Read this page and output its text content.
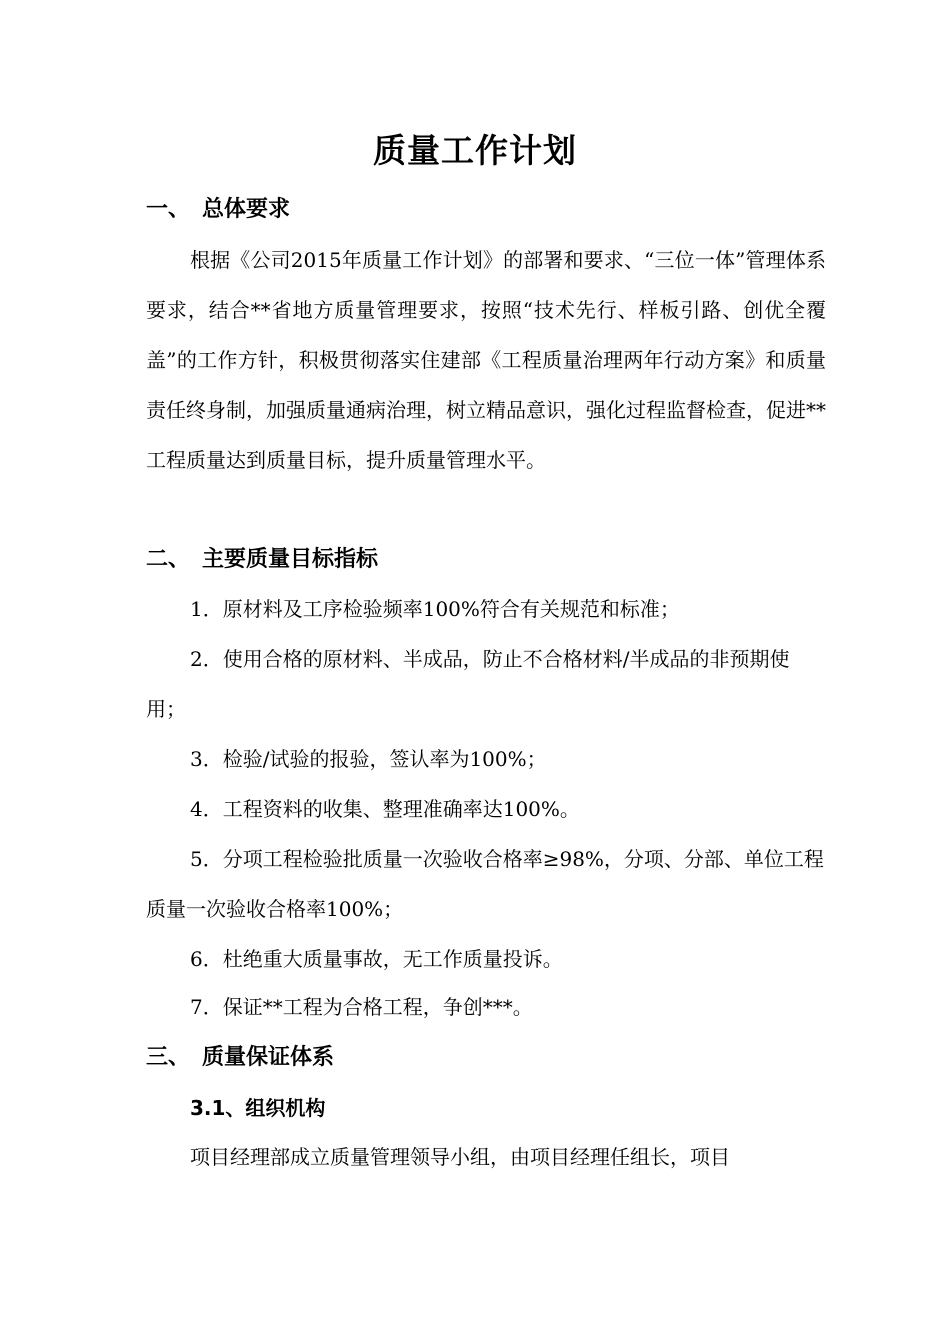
质量工作计划
一、 总体要求

根据《公司2015年质量工作计划》的部署和要求、“三位一体”管理体系要求，结合**省地方质量管理要求，按照“技术先行、样板引路、创优全覆盖”的工作方针，积极贯彻落实住建部《工程质量治理两年行动方案》和质量责任终身制，加强质量通病治理，树立精品意识，强化过程监督检查，促进**工程质量达到质量目标，提升质量管理水平。

二、 主要质量目标指标

1．原材料及工序检验频率100%符合有关规范和标准；

2．使用合格的原材料、半成品，防止不合格材料/半成品的非预期使用；

3．检验/试验的报验，签认率为100%；

4．工程资料的收集、整理准确率达100%。

5．分项工程检验批质量一次验收合格率≥98%，分项、分部、单位工程质量一次验收合格率100%；

6．杜绝重大质量事故，无工作质量投诉。

7．保证**工程为合格工程，争创***。

三、 质量保证体系
3.1、组织机构

项目经理部成立质量管理领导小组，由项目经理任组长，项目
